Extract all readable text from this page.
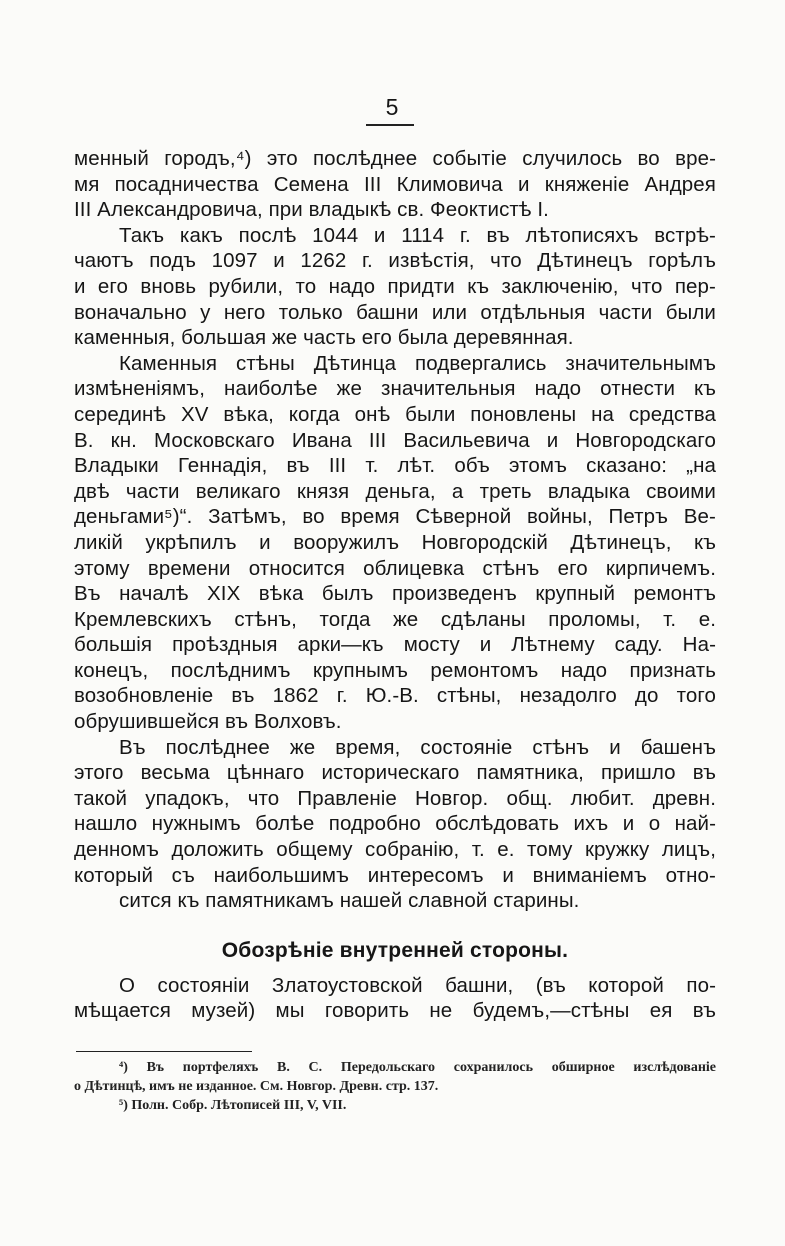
5
менный городъ,⁴) это послѣднее событіе случилось во вре-
мя посадничества Семена III Климовича и княженіе Андрея
III Александровича, при владыкѣ св. Феоктистѣ I.
Такъ какъ послѣ 1044 и 1114 г. въ лѣтописяхъ встрѣ-
чаютъ подъ 1097 и 1262 г. извѣстія, что Дѣтинецъ горѣлъ
и его вновь рубили, то надо придти къ заключенію, что пер-
воначально у него только башни или отдѣльныя части были
каменныя, большая же часть его была деревянная.
Каменныя стѣны Дѣтинца подвергались значительнымъ
измѣненіямъ, наиболѣе же значительныя надо отнести къ
серединѣ XV вѣка, когда онѣ были поновлены на средства
В. кн. Московскаго Ивана III Васильевича и Новгородскаго
Владыки Геннадія, въ III т. лѣт. объ этомъ сказано: „на
двѣ части великаго князя деньга, а треть владыка своими
деньгами⁵)“. Затѣмъ, во время Сѣверной войны, Петръ Ве-
ликій укрѣпилъ и вооружилъ Новгородскій Дѣтинецъ, къ
этому времени относится облицевка стѣнъ его кирпичемъ.
Въ началѣ XIX вѣка былъ произведенъ крупный ремонтъ
Кремлевскихъ стѣнъ, тогда же сдѣланы проломы, т. е.
большія проѣздныя арки—къ мосту и Лѣтнему саду. На-
конецъ, послѣднимъ крупнымъ ремонтомъ надо признать
возобновленіе въ 1862 г. Ю.-В. стѣны, незадолго до того
обрушившейся въ Волховъ.
Въ послѣднее же время, состояніе стѣнъ и башенъ
этого весьма цѣннаго историческаго памятника, пришло въ
такой упадокъ, что Правленіе Новгор. общ. любит. древн.
нашло нужнымъ болѣе подробно обслѣдовать ихъ и о най-
денномъ доложить общему собранію, т. е. тому кружку лицъ,
который съ наибольшимъ интересомъ и вниманіемъ отно-
сится къ памятникамъ нашей славной старины.
Обозрѣніе внутренней стороны.
О состояніи Златоустовской башни, (въ которой по-
мѣщается музей) мы говорить не будемъ,—стѣны ея въ
⁴) Въ портфеляхъ В. С. Передольскаго сохранилось обширное изслѣдованіе
о Дѣтинцѣ, имъ не изданное. См. Новгор. Древн. стр. 137.
⁵) Полн. Собр. Лѣтописей III, V, VII.
